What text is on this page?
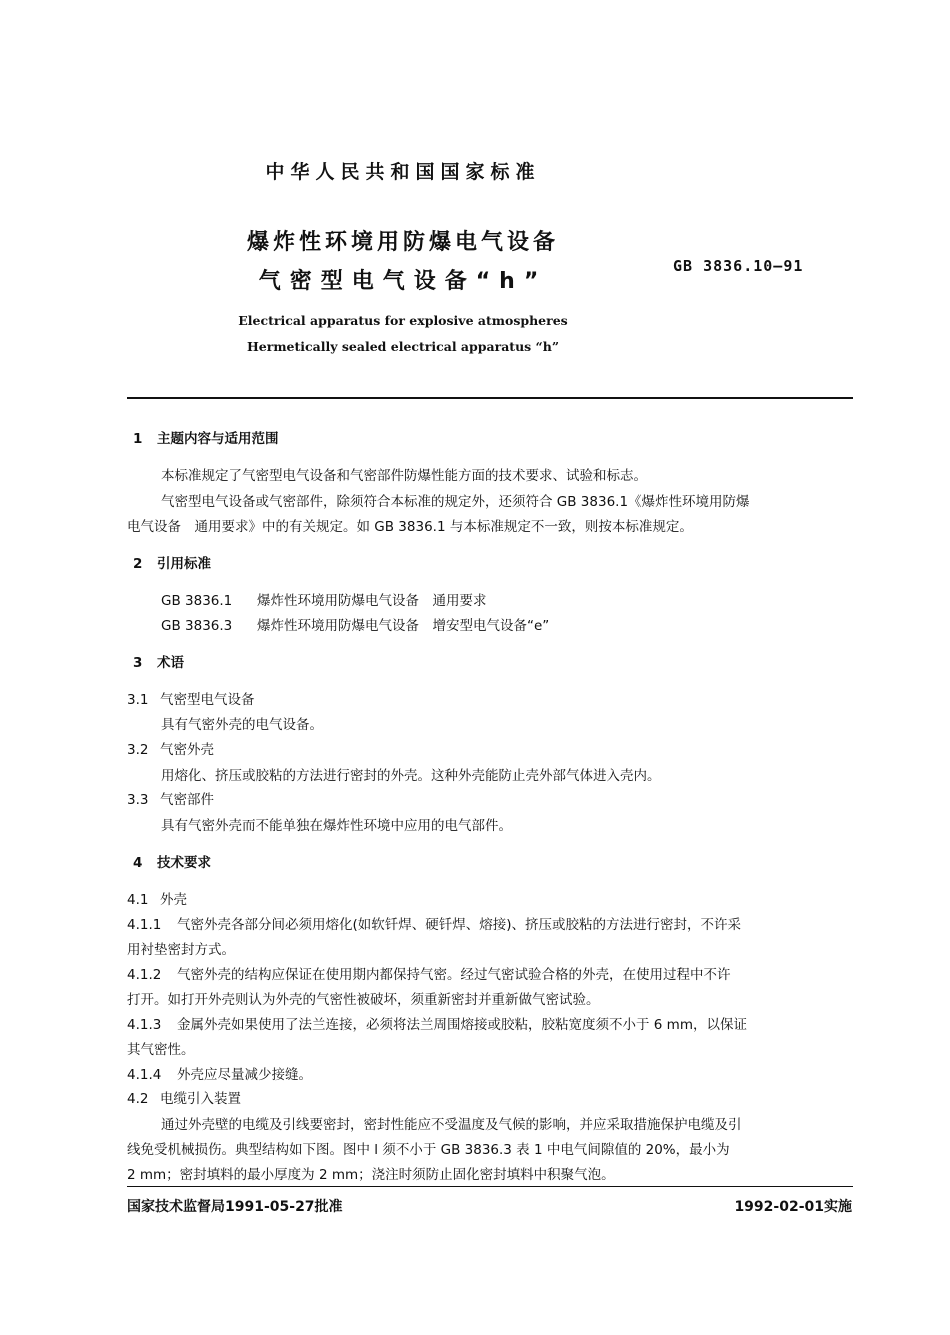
中华人民共和国国家标准
爆炸性环境用防爆电气设备
气密型电气设备“h”
GB 3836.10—91
Electrical apparatus for explosive atmospheres
Hermetically sealed electrical apparatus “h”
1 主题内容与适用范围
本标准规定了气密型电气设备和气密部件防爆性能方面的技术要求、试验和标志。
气密型电气设备或气密部件，除须符合本标准的规定外，还须符合 GB 3836.1《爆炸性环境用防爆
电气设备　通用要求》中的有关规定。如 GB 3836.1 与本标准规定不一致，则按本标准规定。
2 引用标准
GB 3836.1 爆炸性环境用防爆电气设备　通用要求
GB 3836.3 爆炸性环境用防爆电气设备　增安型电气设备“e”
3 术语
3.1 气密型电气设备
具有气密外壳的电气设备。
3.2 气密外壳
用熔化、挤压或胶粘的方法进行密封的外壳。这种外壳能防止壳外部气体进入壳内。
3.3 气密部件
具有气密外壳而不能单独在爆炸性环境中应用的电气部件。
4 技术要求
4.1 外壳
4.1.1 气密外壳各部分间必须用熔化(如软钎焊、硬钎焊、熔接)、挤压或胶粘的方法进行密封，不许采
用衬垫密封方式。
4.1.2 气密外壳的结构应保证在使用期内都保持气密。经过气密试验合格的外壳，在使用过程中不许
打开。如打开外壳则认为外壳的气密性被破坏，须重新密封并重新做气密试验。
4.1.3 金属外壳如果使用了法兰连接，必须将法兰周围熔接或胶粘，胶粘宽度须不小于 6 mm，以保证
其气密性。
4.1.4 外壳应尽量减少接缝。
4.2 电缆引入装置
通过外壳壁的电缆及引线要密封，密封性能应不受温度及气候的影响，并应采取措施保护电缆及引
线免受机械损伤。典型结构如下图。图中 l 须不小于 GB 3836.3 表 1 中电气间隙值的 20%，最小为
2 mm；密封填料的最小厚度为 2 mm；浇注时须防止固化密封填料中积聚气泡。
国家技术监督局1991-05-27批准	1992-02-01实施
